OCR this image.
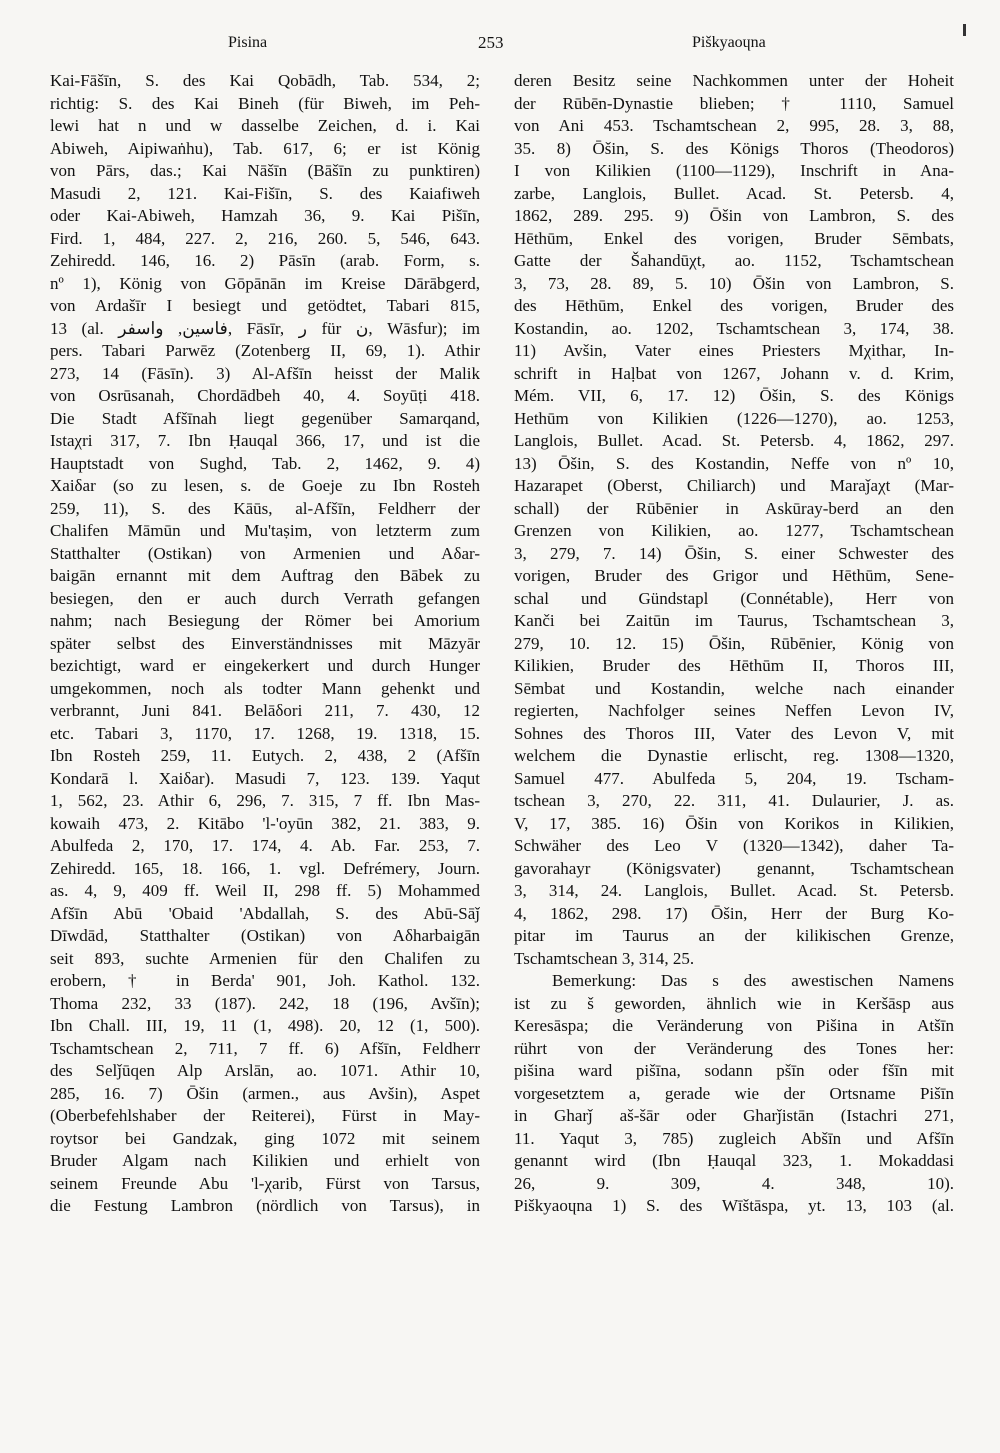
Pisina	253	Piškyaoɥna
Kai-Fāšīn, S. des Kai Qobādh, Tab. 534, 2;
richtig: S. des Kai Bineh (für Biweh, im Peh-
lewi hat n und w dasselbe Zeichen, d. i. Kai
Abiweh, Aipiwaṅhu), Tab. 617, 6; er ist König
von Pārs, das.; Kai Nāšīn (Bāšīn zu punktiren)
Masudi 2, 121. Kai-Fišīn, S. des Kaiafiweh
oder Kai-Abiweh, Hamzah 36, 9. Kai Pišīn,
Fird. 1, 484, 227. 2, 216, 260. 5, 546, 643.
Zehiredd. 146, 16. 2) Pāsīn (arab. Form, s.
nº 1), König von Gōpānān im Kreise Dārābgerd,
von Ardašīr I besiegt und getödtet, Tabari 815,
13 (al. فاسين, واسفر, Fāsīr, ﺭ für ﻥ, Wāsfur); im
pers. Tabari Parwēz (Zotenberg II, 69, 1). Athir
273, 14 (Fāsīn). 3) Al-Afšīn heisst der Malik
von Osrūsanah, Chordādbeh 40, 4. Soyūṭi 418.
Die Stadt Afšīnah liegt gegenüber Samarqand,
Istaχri 317, 7. Ibn Ḥauqal 366, 17, und ist die
Hauptstadt von Sughd, Tab. 2, 1462, 9. 4)
Xaiδar (so zu lesen, s. de Goeje zu Ibn Rosteh
259, 11), S. des Kāūs, al-Afšīn, Feldherr der
Chalifen Māmūn und Mu'taṣim, von letzterm zum
Statthalter (Ostikan) von Armenien und Aδar-
baigān ernannt mit dem Auftrag den Bābek zu
besiegen, den er auch durch Verrath gefangen
nahm; nach Besiegung der Römer bei Amorium
später selbst des Einverständnisses mit Māzyār
bezichtigt, ward er eingekerkert und durch Hunger
umgekommen, noch als todter Mann gehenkt und
verbrannt, Juni 841. Belāδori 211, 7. 430, 12
etc. Tabari 3, 1170, 17. 1268, 19. 1318, 15.
Ibn Rosteh 259, 11. Eutych. 2, 438, 2 (Afšīn
Kondarā l. Xaiδar). Masudi 7, 123. 139. Yaqut
1, 562, 23. Athir 6, 296, 7. 315, 7 ff. Ibn Mas-
kowaih 473, 2. Kitābo 'l-'oyūn 382, 21. 383, 9.
Abulfeda 2, 170, 17. 174, 4. Ab. Far. 253, 7.
Zehiredd. 165, 18. 166, 1. vgl. Defrémery, Journ.
as. 4, 9, 409 ff. Weil II, 298 ff. 5) Mohammed
Afšīn Abū 'Obaid 'Abdallah, S. des Abū-Sāǰ
Dīwdād, Statthalter (Ostikan) von Aδharbaigān
seit 893, suchte Armenien für den Chalifen zu
erobern, † in Berda' 901, Joh. Kathol. 132.
Thoma 232, 33 (187). 242, 18 (196, Avšīn);
Ibn Chall. III, 19, 11 (1, 498). 20, 12 (1, 500).
Tschamtschean 2, 711, 7 ff. 6) Afšīn, Feldherr
des Selǰūqen Alp Arslān, ao. 1071. Athir 10,
285, 16. 7) Ōšin (armen., aus Avšin), Aspet
(Oberbefehlshaber der Reiterei), Fürst in May-
roytsor bei Gandzak, ging 1072 mit seinem
Bruder Algam nach Kilikien und erhielt von
seinem Freunde Abu 'l-χarib, Fürst von Tarsus,
die Festung Lambron (nördlich von Tarsus), in
deren Besitz seine Nachkommen unter der Hoheit
der Rūbēn-Dynastie blieben; † 1110, Samuel
von Ani 453. Tschamtschean 2, 995, 28. 3, 88,
35. 8) Ōšin, S. des Königs Thoros (Theodoros)
I von Kilikien (1100—1129), Inschrift in Ana-
zarbe, Langlois, Bullet. Acad. St. Petersb. 4,
1862, 289. 295. 9) Ōšin von Lambron, S. des
Hēthūm, Enkel des vorigen, Bruder Sēmbats,
Gatte der Šahandūχt, ao. 1152, Tschamtschean
3, 73, 28. 89, 5. 10) Ōšin von Lambron, S.
des Hēthūm, Enkel des vorigen, Bruder des
Kostandin, ao. 1202, Tschamtschean 3, 174, 38.
11) Avšin, Vater eines Priesters Mχithar, In-
schrift in Haḷbat von 1267, Johann v. d. Krim,
Mém. VII, 6, 17. 12) Ōšin, S. des Königs
Hethūm von Kilikien (1226—1270), ao. 1253,
Langlois, Bullet. Acad. St. Petersb. 4, 1862, 297.
13) Ōšin, S. des Kostandin, Neffe von nº 10,
Hazarapet (Oberst, Chiliarch) und Maraǰaχt (Mar-
schall) der Rūbēnier in Askūray-berd an den
Grenzen von Kilikien, ao. 1277, Tschamtschean
3, 279, 7. 14) Ōšin, S. einer Schwester des
vorigen, Bruder des Grigor und Hēthūm, Sene-
schal und Gündstapl (Connétable), Herr von
Kanči bei Zaitūn im Taurus, Tschamtschean 3,
279, 10. 12. 15) Ōšin, Rūbēnier, König von
Kilikien, Bruder des Hēthūm II, Thoros III,
Sēmbat und Kostandin, welche nach einander
regierten, Nachfolger seines Neffen Levon IV,
Sohnes des Thoros III, Vater des Levon V, mit
welchem die Dynastie erlischt, reg. 1308—1320,
Samuel 477. Abulfeda 5, 204, 19. Tscham-
tschean 3, 270, 22. 311, 41. Dulaurier, J. as.
V, 17, 385. 16) Ōšin von Korikos in Kilikien,
Schwäher des Leo V (1320—1342), daher Ta-
gavorahayr (Königsvater) genannt, Tschamtschean
3, 314, 24. Langlois, Bullet. Acad. St. Petersb.
4, 1862, 298. 17) Ōšin, Herr der Burg Ko-
pitar im Taurus an der kilikischen Grenze,
Tschamtschean 3, 314, 25.
Bemerkung: Das s des awestischen Namens
ist zu š geworden, ähnlich wie in Keršāsp aus
Keresāspa; die Veränderung von Pišina in Atšīn
rührt von der Veränderung des Tones her:
pišina ward pišīna, sodann pšīn oder fšīn mit
vorgesetztem a, gerade wie der Ortsname Pišīn
in Gharǰ aš-šār oder Gharǰistān (Istachri 271,
11. Yaqut 3, 785) zugleich Abšīn und Afšīn
genannt wird (Ibn Ḥauqal 323, 1. Mokaddasi
26, 9. 309, 4. 348, 10).
Piškyaoɥna 1) S. des Wīštāspa, yt. 13, 103 (al.
